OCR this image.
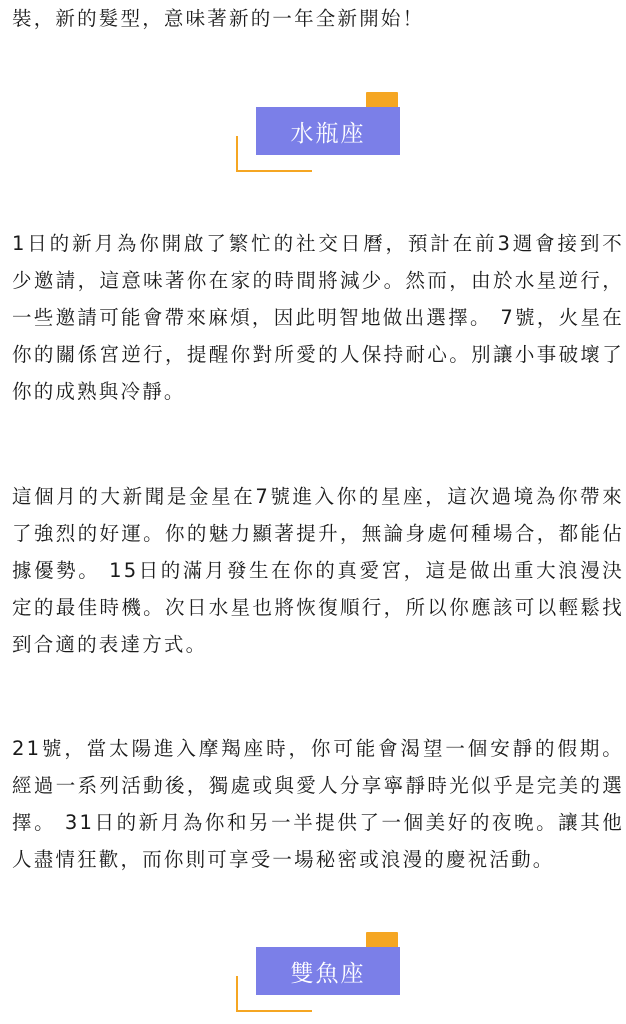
裝，新的髮型，意味著新的一年全新開始！

水瓶座

1日的新月為你開啟了繁忙的社交日曆，預計在前3週會接到不少邀請，這意味著你在家的時間將減少。然而，由於水星逆行，一些邀請可能會帶來麻煩，因此明智地做出選擇。 7號，火星在你的關係宮逆行，提醒你對所愛的人保持耐心。別讓小事破壞了你的成熟與冷靜。

這個月的大新聞是金星在7號進入你的星座，這次過境為你帶來了強烈的好運。你的魅力顯著提升，無論身處何種場合，都能佔據優勢。 15日的滿月發生在你的真愛宮，這是做出重大浪漫決定的最佳時機。次日水星也將恢復順行，所以你應該可以輕鬆找到合適的表達方式。

21號，當太陽進入摩羯座時，你可能會渴望一個安靜的假期。經過一系列活動後，獨處或與愛人分享寧靜時光似乎是完美的選擇。 31日的新月為你和另一半提供了一個美好的夜晚。讓其他人盡情狂歡，而你則可享受一場秘密或浪漫的慶祝活動。

雙魚座
